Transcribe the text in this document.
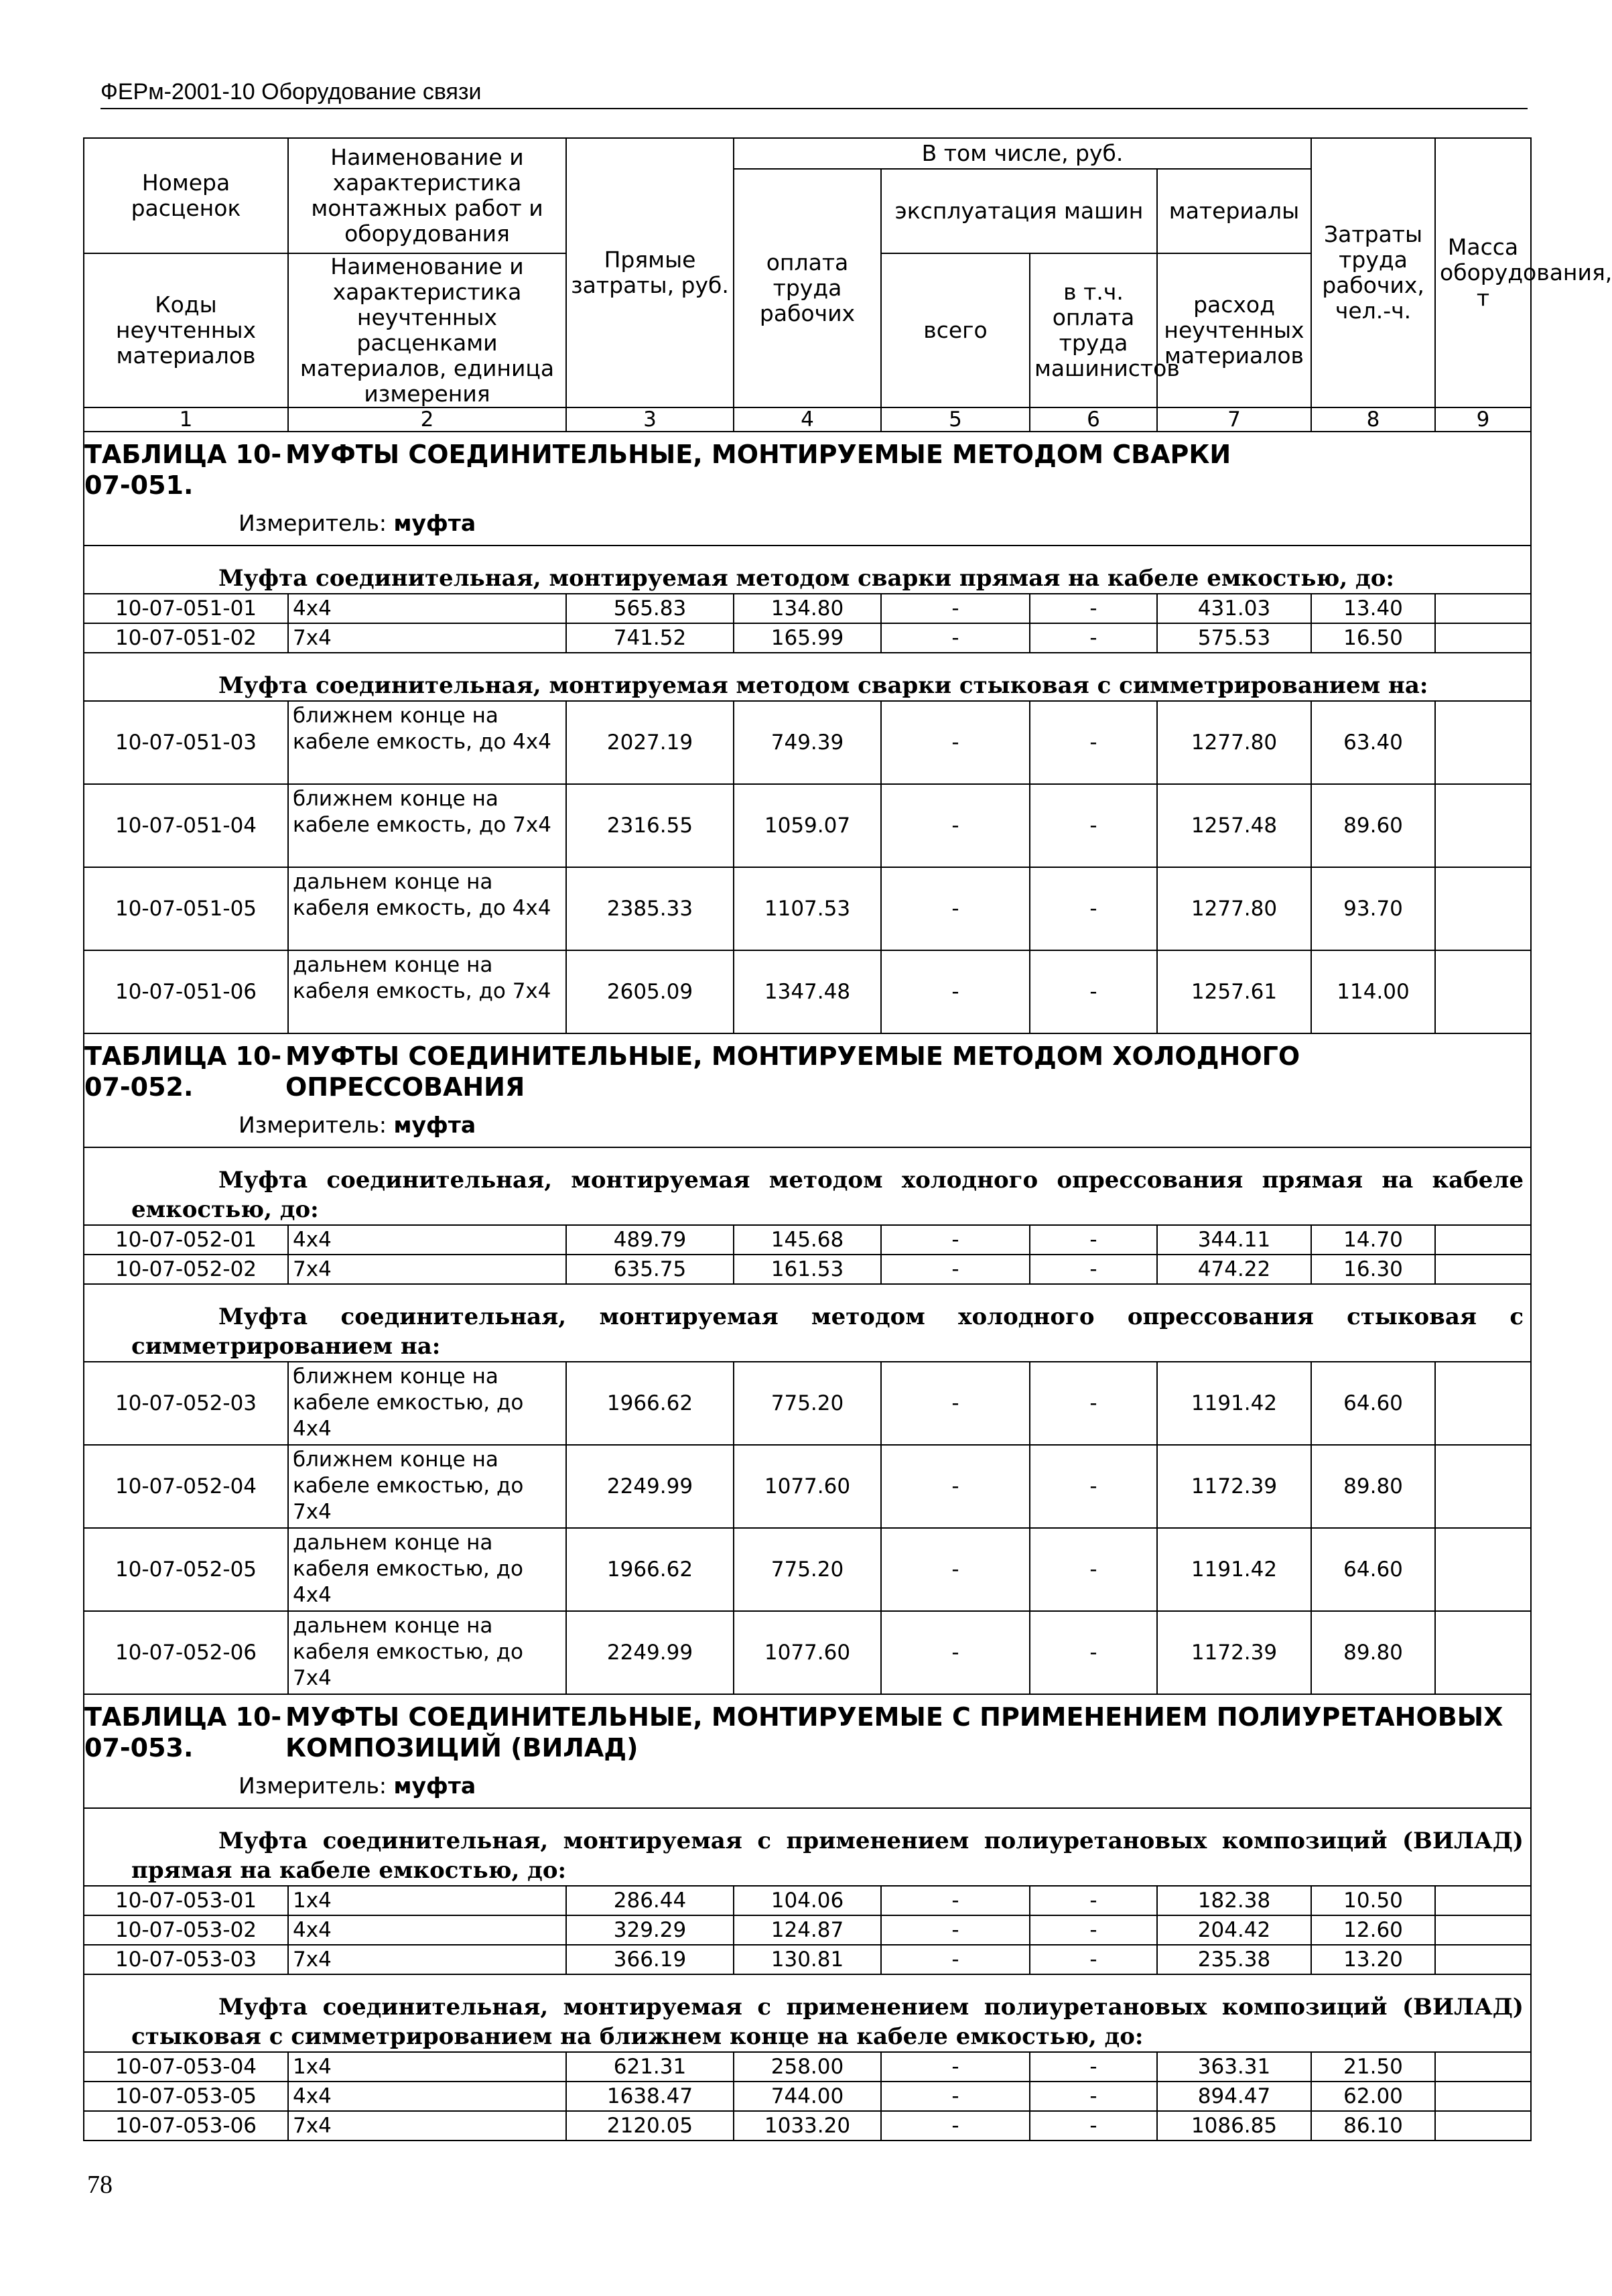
ФЕРм-2001-10 Оборудование связи
Номера расценок	Наименование и характеристика монтажных работ и оборудования	Прямые затраты, руб.	В том числе, руб.				Затраты труда рабочих, чел.-ч.	Масса оборудования, т
			оплата труда рабочих	эксплуатация машин		материалы		
Коды неучтенных материалов	Наименование и характеристика неучтенных расценками материалов, единица измерения			всего	в т.ч. оплата труда машинистов	расход неучтенных материалов		

1	2	3	4	5	6	7	8	9
ТАБЛИЦА 10-07-051.МУФТЫ СОЕДИНИТЕЛЬНЫЕ, МОНТИРУЕМЫЕ МЕТОДОМ СВАРКИ								
Измеритель: муфта								

Муфта соединительная, монтируемая методом сварки прямая на кабеле емкостью, до:								

10-07-051-01	4x4	565.83	134.80	-	-	431.03	13.40	
10-07-051-02	7x4	741.52	165.99	-	-	575.53	16.50	

Муфта соединительная, монтируемая методом сварки стыковая с симметрированием на:								

10-07-051-03	ближнем конце на кабеле емкость, до 4x4	2027.19	749.39	-	-	1277.80	63.40	
10-07-051-04	ближнем конце на кабеле емкость, до 7x4	2316.55	1059.07	-	-	1257.48	89.60	
10-07-051-05	дальнем конце на кабеля емкость, до 4x4	2385.33	1107.53	-	-	1277.80	93.70	
10-07-051-06	дальнем конце на кабеля емкость, до 7x4	2605.09	1347.48	-	-	1257.61	114.00	
ТАБЛИЦА 10-07-052.МУФТЫ СОЕДИНИТЕЛЬНЫЕ, МОНТИРУЕМЫЕ МЕТОДОМ ХОЛОДНОГО ОПРЕССОВАНИЯ								
Измеритель: муфта								

Муфта соединительная, монтируемая методом холодного опрессования прямая на кабеле емкостью, до:								

10-07-052-01	4x4	489.79	145.68	-	-	344.11	14.70	
10-07-052-02	7x4	635.75	161.53	-	-	474.22	16.30	

Муфта соединительная, монтируемая методом холодного опрессования стыковая с симметрированием на:								

10-07-052-03	ближнем конце на кабеле емкостью, до 4x4	1966.62	775.20	-	-	1191.42	64.60	
10-07-052-04	ближнем конце на кабеле емкостью, до 7x4	2249.99	1077.60	-	-	1172.39	89.80	
10-07-052-05	дальнем конце на кабеля емкостью, до 4x4	1966.62	775.20	-	-	1191.42	64.60	
10-07-052-06	дальнем конце на кабеля емкостью, до 7x4	2249.99	1077.60	-	-	1172.39	89.80	
ТАБЛИЦА 10-07-053.МУФТЫ СОЕДИНИТЕЛЬНЫЕ, МОНТИРУЕМЫЕ С ПРИМЕНЕНИЕМ ПОЛИУРЕТАНОВЫХ КОМПОЗИЦИЙ (ВИЛАД)								
Измеритель: муфта								

Муфта соединительная, монтируемая с применением полиуретановых композиций (ВИЛАД) прямая на кабеле емкостью, до:								

10-07-053-01	1x4	286.44	104.06	-	-	182.38	10.50	
10-07-053-02	4x4	329.29	124.87	-	-	204.42	12.60	
10-07-053-03	7x4	366.19	130.81	-	-	235.38	13.20	

Муфта соединительная, монтируемая с применением полиуретановых композиций (ВИЛАД) стыковая с симметрированием на ближнем конце на кабеле емкостью, до:								

10-07-053-04	1x4	621.31	258.00	-	-	363.31	21.50	
10-07-053-05	4x4	1638.47	744.00	-	-	894.47	62.00	
10-07-053-06	7x4	2120.05	1033.20	-	-	1086.85	86.10	
78
